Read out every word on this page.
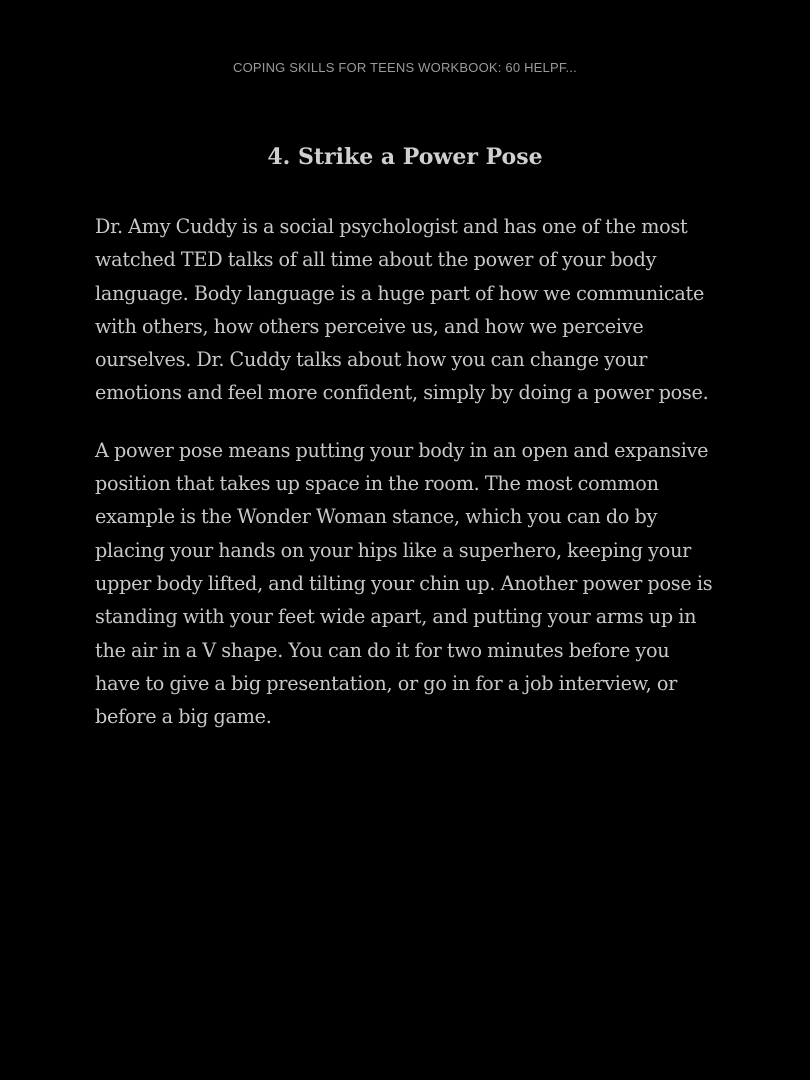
COPING SKILLS FOR TEENS WORKBOOK: 60 HELPF...
4. Strike a Power Pose

Dr. Amy Cuddy is a social psychologist and has one of the most watched TED talks of all time about the power of your body language. Body language is a huge part of how we communicate with others, how others perceive us, and how we perceive ourselves. Dr. Cuddy talks about how you can change your emotions and feel more confident, simply by doing a power pose.

A power pose means putting your body in an open and expansive position that takes up space in the room. The most common example is the Wonder Woman stance, which you can do by placing your hands on your hips like a superhero, keeping your upper body lifted, and tilting your chin up. Another power pose is standing with your feet wide apart, and putting your arms up in the air in a V shape. You can do it for two minutes before you have to give a big presentation, or go in for a job interview, or before a big game.
